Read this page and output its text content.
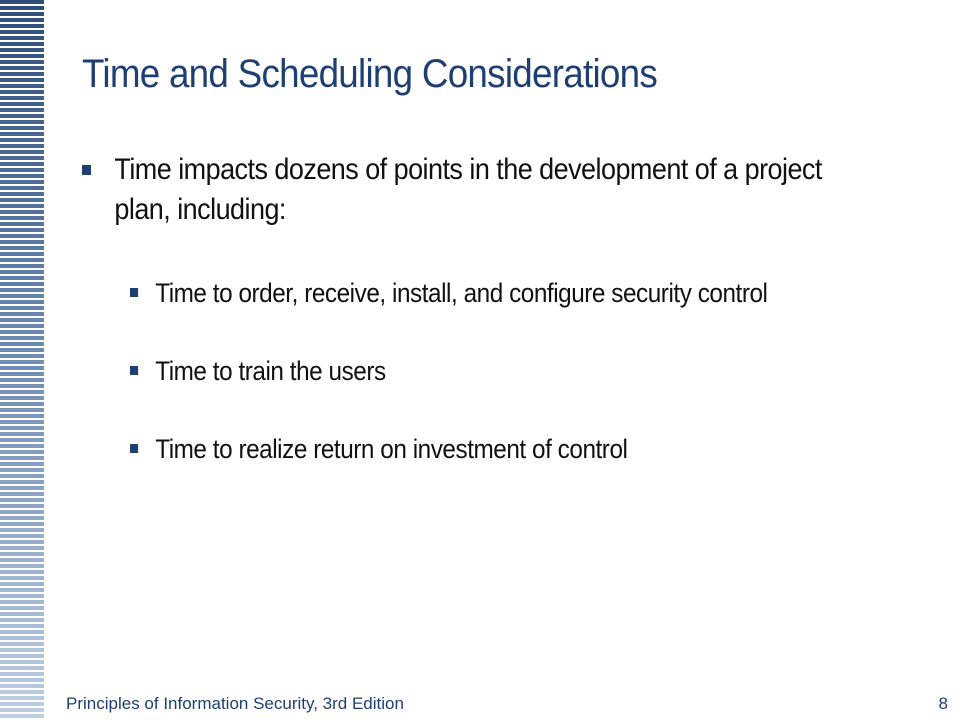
Time and Scheduling Considerations
Time impacts dozens of points in the development of a project plan, including:
Time to order, receive, install, and configure security control
Time to train the users
Time to realize return on investment of control
Principles of Information Security, 3rd Edition	8
